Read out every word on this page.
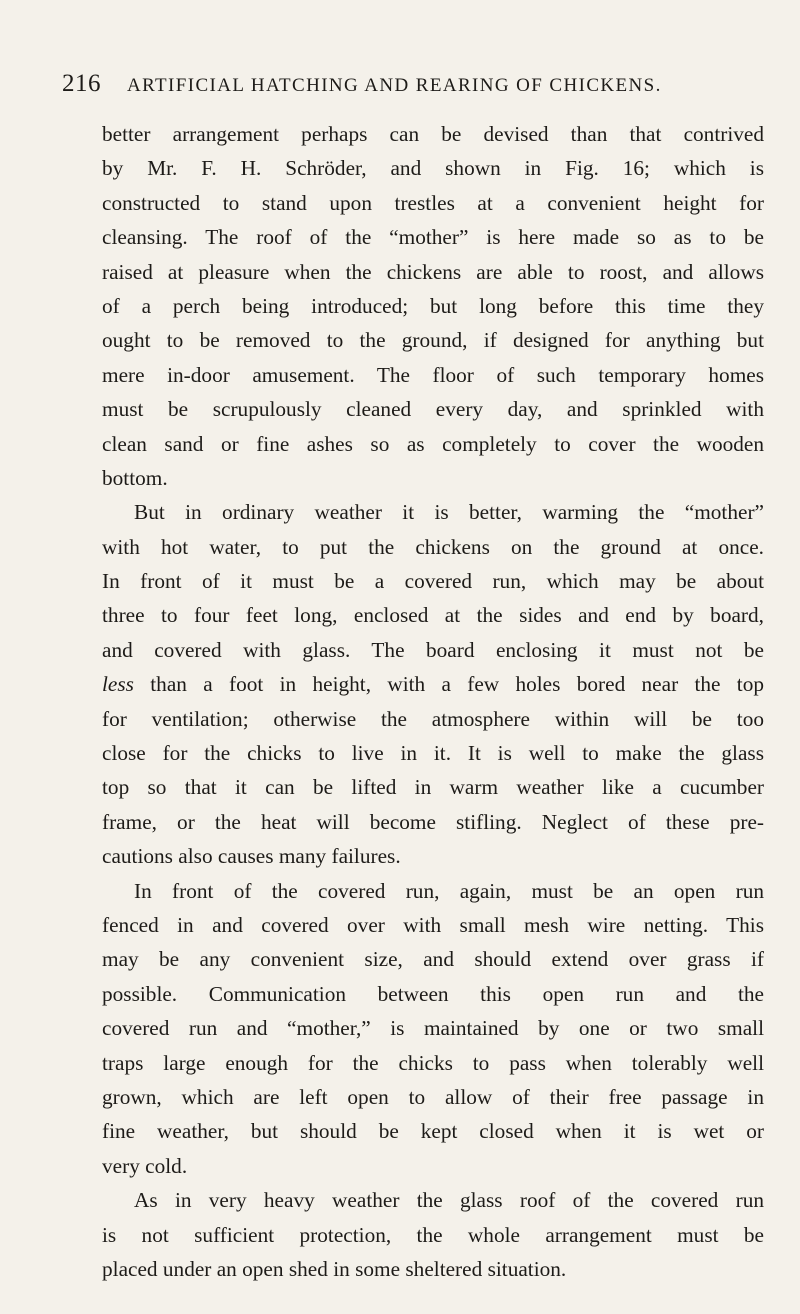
216 ARTIFICIAL HATCHING AND REARING OF CHICKENS.
better arrangement perhaps can be devised than that contrived
by Mr. F. H. Schröder, and shown in Fig. 16; which is
constructed to stand upon trestles at a convenient height for
cleansing. The roof of the “mother” is here made so as to be
raised at pleasure when the chickens are able to roost, and allows
of a perch being introduced; but long before this time they
ought to be removed to the ground, if designed for anything but
mere in-door amusement. The floor of such temporary homes
must be scrupulously cleaned every day, and sprinkled with
clean sand or fine ashes so as completely to cover the wooden
bottom.
But in ordinary weather it is better, warming the “mother”
with hot water, to put the chickens on the ground at once.
In front of it must be a covered run, which may be about
three to four feet long, enclosed at the sides and end by board,
and covered with glass. The board enclosing it must not be
less than a foot in height, with a few holes bored near the top
for ventilation; otherwise the atmosphere within will be too
close for the chicks to live in it. It is well to make the glass
top so that it can be lifted in warm weather like a cucumber
frame, or the heat will become stifling. Neglect of these pre-
cautions also causes many failures.
In front of the covered run, again, must be an open run
fenced in and covered over with small mesh wire netting. This
may be any convenient size, and should extend over grass if
possible. Communication between this open run and the
covered run and “mother,” is maintained by one or two small
traps large enough for the chicks to pass when tolerably well
grown, which are left open to allow of their free passage in
fine weather, but should be kept closed when it is wet or
very cold.
As in very heavy weather the glass roof of the covered run
is not sufficient protection, the whole arrangement must be
placed under an open shed in some sheltered situation.
